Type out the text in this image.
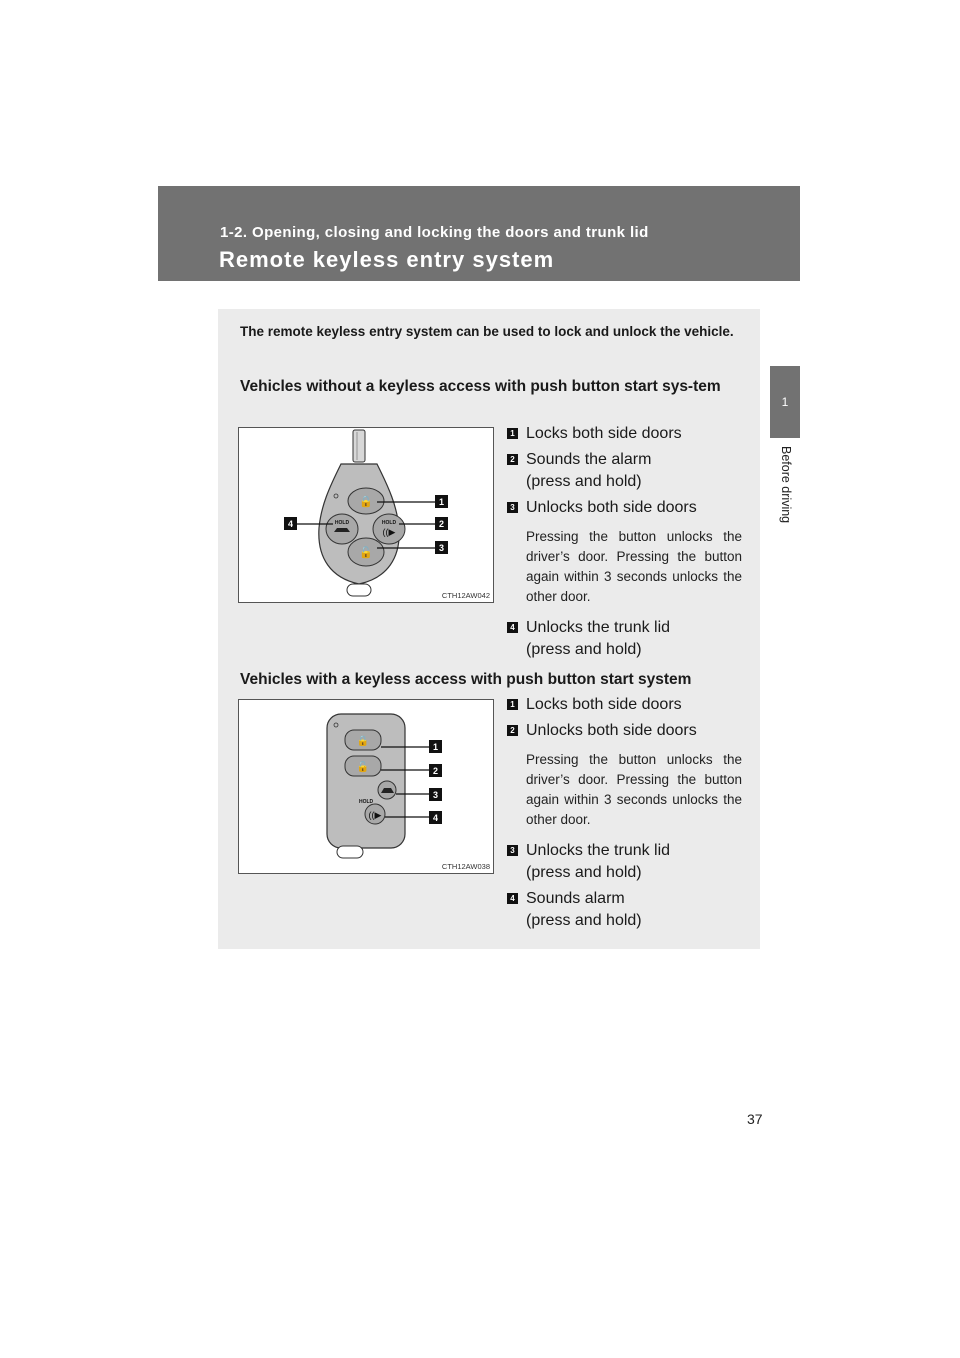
1-2. Opening, closing and locking the doors and trunk lid
Remote keyless entry system
1
Before driving
The remote keyless entry system can be used to lock and unlock the vehicle.
Vehicles without a keyless access with push button start sys-tem
🔒
HOLD	HOLD
((▶
🔓
1
2
3
4
CTH12AW042
1 Locks both side doors
2 Sounds the alarm
(press and hold)
3 Unlocks both side doors
Pressing the button unlocks the driver’s door. Pressing the button again within 3 seconds unlocks the other door.
4 Unlocks the trunk lid
(press and hold)
Vehicles with a keyless access with push button start system
🔒
🔓
HOLD
((▶
1
2
3
4
CTH12AW038
1 Locks both side doors
2 Unlocks both side doors
Pressing the button unlocks the driver’s door. Pressing the button again within 3 seconds unlocks the other door.
3 Unlocks the trunk lid
(press and hold)
4 Sounds alarm
(press and hold)
37
